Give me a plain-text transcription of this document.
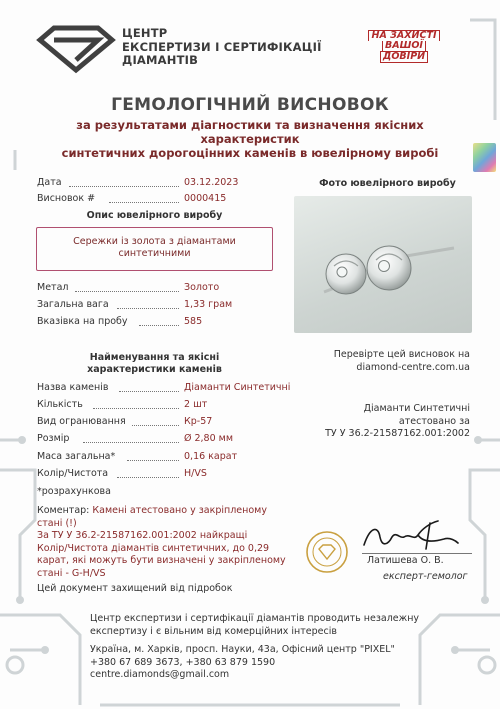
ЦЕНТР
ЕКСПЕРТИЗИ І СЕРТИФІКАЦІЇ
ДІАМАНТІВ
НА ЗАХИСТІ
ВАШОЇ
ДОВІРИ
ГЕМОЛОГІЧНИЙ ВИСНОВОК
за результатами діагностики та визначення якісних характеристик
синтетичних дорогоцінних каменів в ювелірному виробі
Дата	03.12.2023
Висновок #	0000415
Опис ювелірного виробу
Сережки із золота з діамантами
синтетичними
Метал	Золото
Загальна вага	1,33 грам
Вказівка на пробу	585
Фото ювелірного виробу
Найменування та якісні
характеристики каменів
Назва каменів	Діаманти Синтетичні
Кількість	2 шт
Вид огранювання	Кр-57
Розмір	Ø 2,80 мм
Маса загальна*	0,16 карат
Колір/Чистота	H/VS
*розрахункова
Перевірте цей висновок на
diamond-centre.com.ua
Діаманти Синтетичні
атестовано за
ТУ У 36.2-21587162.001:2002
Коментар: Камені атестовано у закріпленому стані (!)
За ТУ У 36.2-21587162.001:2002 найкращі
Колір/Чистота діамантів синтетичних, до 0,29
карат, які можуть бути визначені у закріпленому
стані - G-H/VS
Цей документ захищений від підробок
Латишева О. В.
експерт-гемолог
Центр експертизи і сертифікації діамантів проводить незалежну
експертизу і є вільним від комерційних інтересів
Україна, м. Харків, просп. Науки, 43а, Офісний центр "PIXEL"
+380 67 689 3673, +380 63 879 1590
centre.diamonds@gmail.com
